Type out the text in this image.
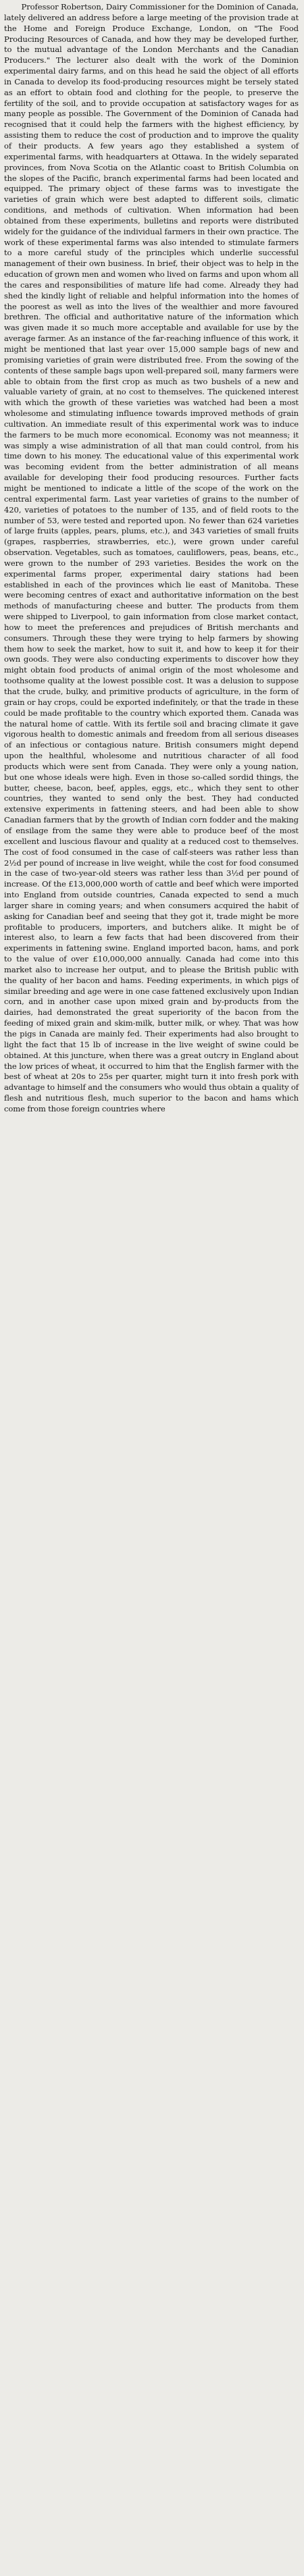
Professor Robertson, Dairy Commissioner for the Dominion of Canada, lately delivered an address before a large meeting of the provision trade at the Home and Foreign Produce Exchange, London, on "The Food Producing Resources of Canada, and how they may be developed further, to the mutual advantage of the London Merchants and the Canadian Producers." The lecturer also dealt with the work of the Dominion experimental dairy farms, and on this head he said the object of all efforts in Canada to develop its food-producing resources might be tersely stated as an effort to obtain food and clothing for the people, to preserve the fertility of the soil, and to provide occupation at satisfactory wages for as many people as possible. The Government of the Dominion of Canada had recognised that it could help the farmers with the highest efficiency, by assisting them to reduce the cost of production and to improve the quality of their products. A few years ago they established a system of experimental farms, with headquarters at Ottawa. In the widely separated provinces, from Nova Scotia on the Atlantic coast to British Columbia on the slopes of the Pacific, branch experimental farms had been located and equipped. The primary object of these farms was to investigate the varieties of grain which were best adapted to different soils, climatic conditions, and methods of cultivation. When information had been obtained from these experiments, bulletins and reports were distributed widely for the guidance of the individual farmers in their own practice. The work of these experimental farms was also intended to stimulate farmers to a more careful study of the principles which underlie successful management of their own business. In brief, their object was to help in the education of grown men and women who lived on farms and upon whom all the cares and responsibilities of mature life had come. Already they had shed the kindly light of reliable and helpful information into the homes of the poorest as well as into the lives of the wealthier and more favoured brethren. The official and authoritative nature of the information which was given made it so much more acceptable and available for use by the average farmer. As an instance of the far-reaching influence of this work, it might be mentioned that last year over 15,000 sample bags of new and promising varieties of grain were distributed free. From the sowing of the contents of these sample bags upon well-prepared soil, many farmers were able to obtain from the first crop as much as two bushels of a new and valuable variety of grain, at no cost to themselves. The quickened interest with which the growth of these varieties was watched had been a most wholesome and stimulating influence towards improved methods of grain cultivation. An immediate result of this experimental work was to induce the farmers to be much more economical. Economy was not meanness; it was simply a wise administration of all that man could control, from his time down to his money. The educational value of this experimental work was becoming evident from the better administration of all means available for developing their food producing resources. Further facts might be mentioned to indicate a little of the scope of the work on the central experimental farm. Last year varieties of grains to the number of 420, varieties of potatoes to the number of 135, and of field roots to the number of 53, were tested and reported upon. No fewer than 624 varieties of large fruits (apples, pears, plums, etc.), and 343 varieties of small fruits (grapes, raspberries, strawberries, etc.), were grown under careful observation. Vegetables, such as tomatoes, cauliflowers, peas, beans, etc., were grown to the number of 293 varieties. Besides the work on the experimental farms proper, experimental dairy stations had been established in each of the provinces which lie east of Manitoba. These were becoming centres of exact and authoritative information on the best methods of manufacturing cheese and butter. The products from them were shipped to Liverpool, to gain information from close market contact, how to meet the preferences and prejudices of British merchants and consumers. Through these they were trying to help farmers by showing them how to seek the market, how to suit it, and how to keep it for their own goods. They were also conducting experiments to discover how they might obtain food products of animal origin of the most wholesome and toothsome quality at the lowest possible cost. It was a delusion to suppose that the crude, bulky, and primitive products of agriculture, in the form of grain or hay crops, could be exported indefinitely, or that the trade in these could be made profitable to the country which exported them. Canada was the natural home of cattle. With its fertile soil and bracing climate it gave vigorous health to domestic animals and freedom from all serious diseases of an infectious or contagious nature. British consumers might depend upon the healthful, wholesome and nutritious character of all food products which were sent from Canada. They were only a young nation, but one whose ideals were high. Even in those so-called sordid things, the butter, cheese, bacon, beef, apples, eggs, etc., which they sent to other countries, they wanted to send only the best. They had conducted extensive experiments in fattening steers, and had been able to show Canadian farmers that by the growth of Indian corn fodder and the making of ensilage from the same they were able to produce beef of the most excellent and luscious flavour and quality at a reduced cost to themselves. The cost of food consumed in the case of calf-steers was rather less than 2½d per pound of increase in live weight, while the cost for food consumed in the case of two-year-old steers was rather less than 3½d per pound of increase. Of the £13,000,000 worth of cattle and beef which were imported into England from outside countries, Canada expected to send a much larger share in coming years; and when consumers acquired the habit of asking for Canadian beef and seeing that they got it, trade might be more profitable to producers, importers, and butchers alike. It might be of interest also, to learn a few facts that had been discovered from their experiments in fattening swine. England imported bacon, hams, and pork to the value of over £10,000,000 annually. Canada had come into this market also to increase her output, and to please the British public with the quality of her bacon and hams. Feeding experiments, in which pigs of similar breeding and age were in one case fattened exclusively upon Indian corn, and in another case upon mixed grain and by-products from the dairies, had demonstrated the great superiority of the bacon from the feeding of mixed grain and skim-milk, butter milk, or whey. That was how the pigs in Canada are mainly fed. Their experiments had also brought to light the fact that 15 lb of increase in the live weight of swine could be obtained. At this juncture, when there was a great outcry in England about the low prices of wheat, it occurred to him that the English farmer with the best of wheat at 20s to 25s per quarter, might turn it into fresh pork with advantage to himself and the consumers who would thus obtain a quality of flesh and nutritious flesh, much superior to the bacon and hams which come from those foreign countries where
